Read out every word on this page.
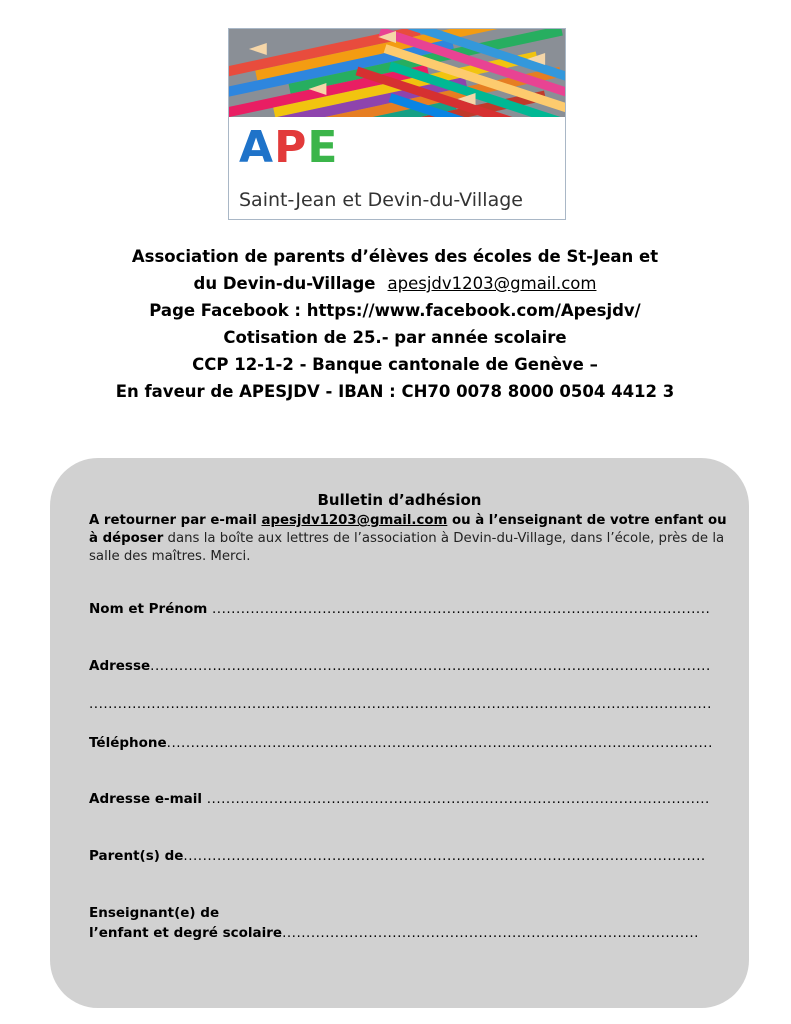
APE
Saint-Jean et Devin-du-Village
Association de parents d’élèves des écoles de St-Jean et
du Devin-du-Village apesjdv1203@gmail.com
Page Facebook : https://www.facebook.com/Apesjdv/
Cotisation de 25.- par année scolaire
CCP 12-1-2 - Banque cantonale de Genève –
En faveur de APESJDV - IBAN : CH70 0078 8000 0504 4412 3
Bulletin d’adhésion
A retourner par e-mail apesjdv1203@gmail.com ou à l’enseignant de votre enfant ou à déposer dans la boîte aux lettres de l’association à Devin-du-Village, dans l’école, près de la salle des maîtres. Merci.
Nom et Prénom

.....
Adresse
.....
.....
Téléphone
.....
Adresse e-mail

.....
Parent(s) de
.....
Enseignant(e) de
l’enfant et degré scolaire
.....
